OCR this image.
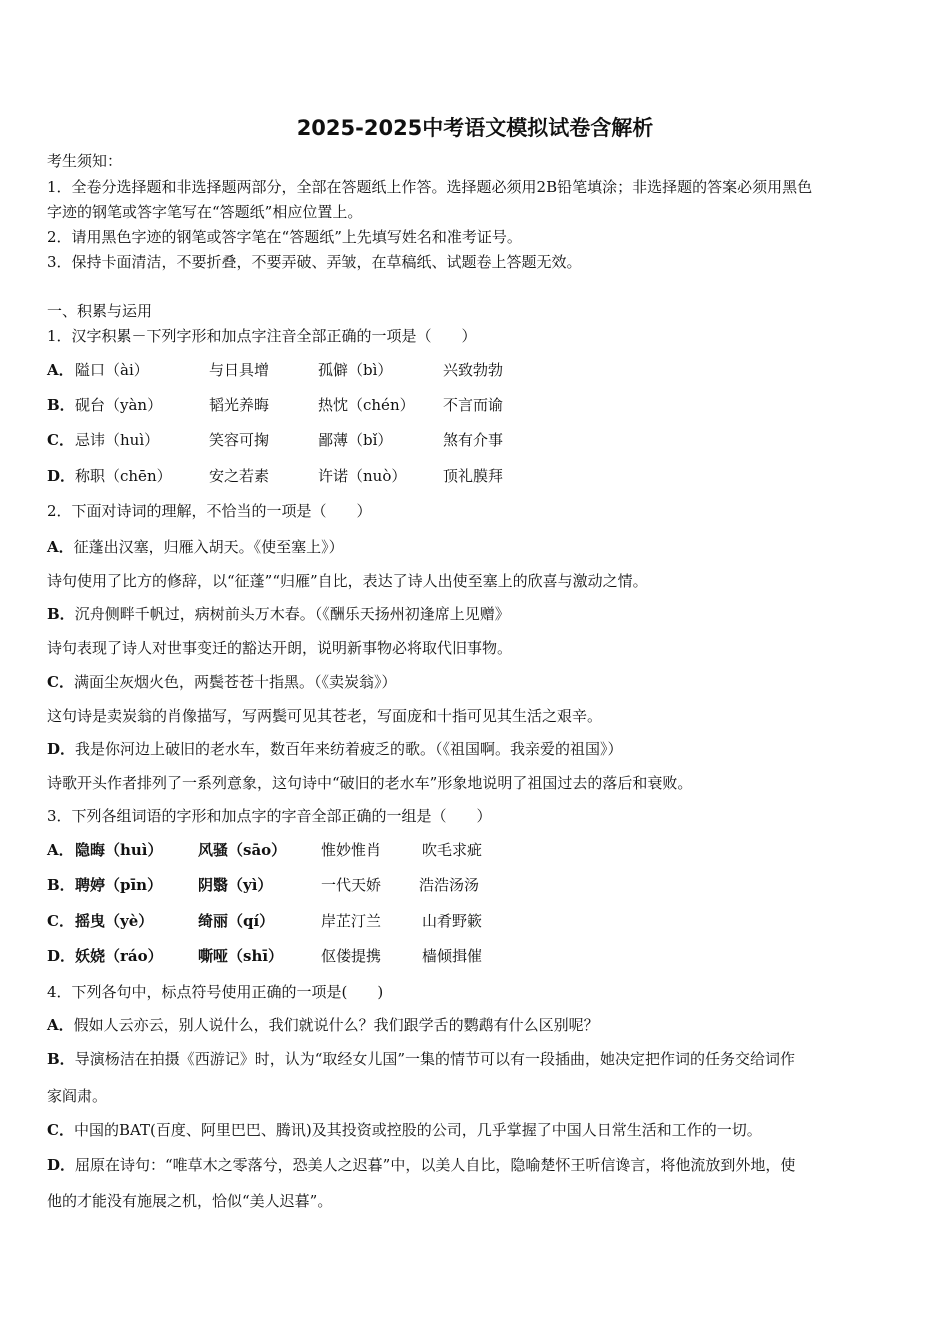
2025-2025中考语文模拟试卷含解析
考生须知：
1．全卷分选择题和非选择题两部分，全部在答题纸上作答。选择题必须用2B铅笔填涂；非选择题的答案必须用黑色
字迹的钢笔或答字笔写在“答题纸”相应位置上。
2．请用黑色字迹的钢笔或答字笔在“答题纸”上先填写姓名和准考证号。
3．保持卡面清洁，不要折叠，不要弄破、弄皱，在草稿纸、试题卷上答题无效。
一、积累与运用
1．汉字积累－下列字形和加点字注音全部正确的一项是（　　）
A． 隘口（ài）	与日具增	孤僻（bì）	兴致勃勃
B． 砚台（yàn）	韬光养晦	热忱（chén） 不言而谕
C． 忌讳（huì）	笑容可掬	鄙薄（bǐ）	煞有介事
D． 称职（chēn） 安之若素	许诺（nuò） 顶礼膜拜
2．下面对诗词的理解，不恰当的一项是（　　）
A．征蓬出汉塞，归雁入胡天。《使至塞上》）
诗句使用了比方的修辞，以“征蓬”“归雁”自比，表达了诗人出使至塞上的欣喜与激动之情。
B．沉舟侧畔千帆过，病树前头万木春。（《酬乐天扬州初逢席上见赠》
诗句表现了诗人对世事变迁的豁达开朗，说明新事物必将取代旧事物。
C．满面尘灰烟火色，两鬓苍苍十指黑。（《卖炭翁》）
这句诗是卖炭翁的肖像描写，写两鬓可见其苍老，写面庞和十指可见其生活之艰辛。
D．我是你河边上破旧的老水车，数百年来纺着疲乏的歌。（《祖国啊。我亲爱的祖国》）
诗歌开头作者排列了一系列意象，这句诗中“破旧的老水车”形象地说明了祖国过去的落后和衰败。
3．下列各组词语的字形和加点字的字音全部正确的一组是（　　）
A． 隐晦（huì） 风骚（sāo） 惟妙惟肖	吹毛求疵
B． 聘婷（pīn） 阴翳（yì）	一代天娇	浩浩汤汤
C． 摇曳（yè）	绮丽（qí）	岸芷汀兰	山肴野簌
D． 妖娆（ráo） 嘶哑（shī）	伛偻提携	樯倾揖催
4．下列各句中，标点符号使用正确的一项是(　　)
A．假如人云亦云，别人说什么，我们就说什么？我们跟学舌的鹦鹉有什么区别呢？
B．导演杨洁在拍摄《西游记》时，认为“取经女儿国”一集的情节可以有一段插曲，她决定把作词的任务交给词作
家阎肃。
C．中国的BAT(百度、阿里巴巴、腾讯)及其投资或控股的公司，几乎掌握了中国人日常生活和工作的一切。
D．屈原在诗句：“唯草木之零落兮，恐美人之迟暮”中，以美人自比，隐喻楚怀王听信谗言，将他流放到外地，使
他的才能没有施展之机，恰似“美人迟暮”。
